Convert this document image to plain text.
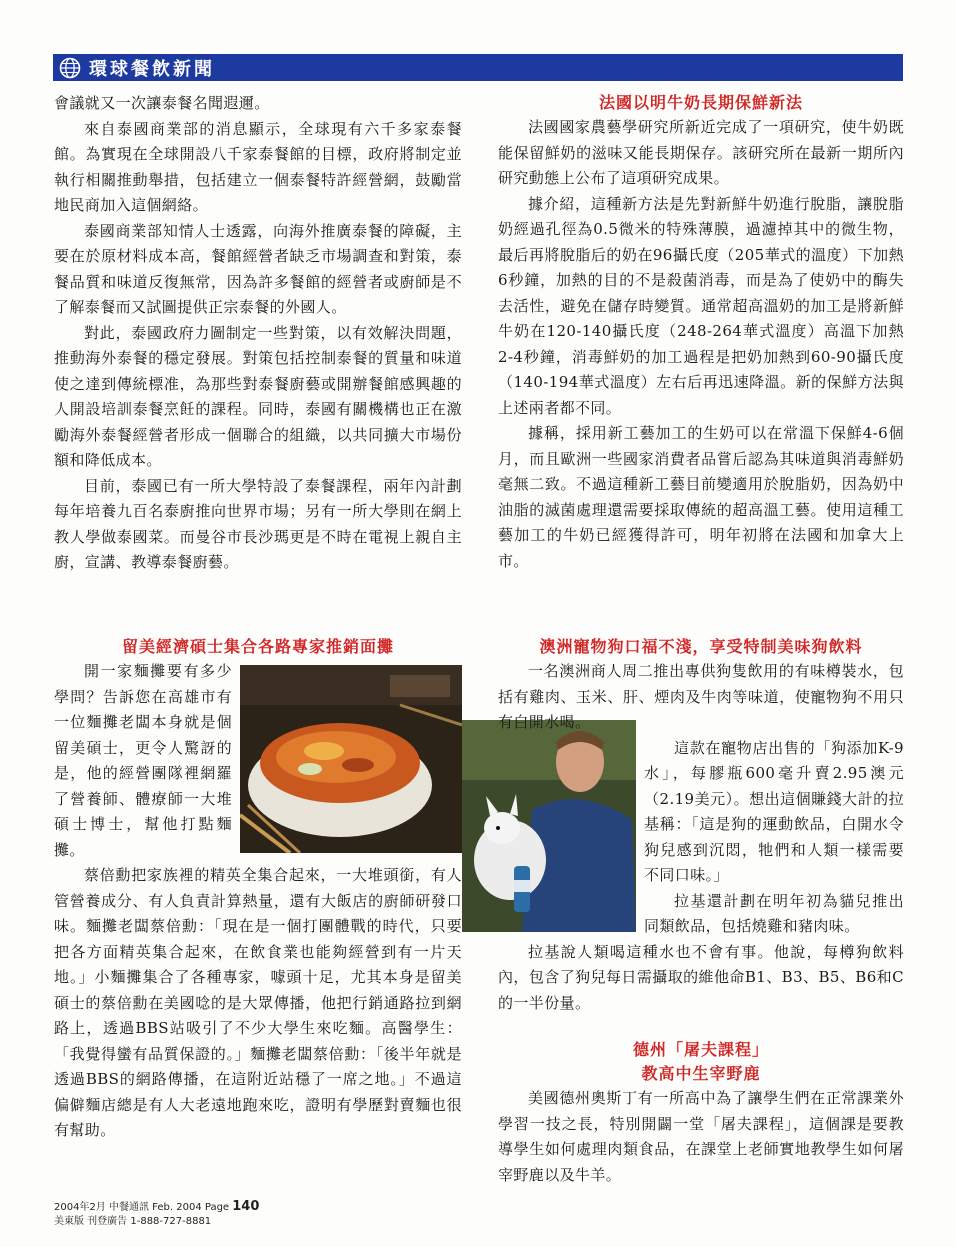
環球餐飲新聞

會議就又一次讓泰餐名聞遐邇。

來自泰國商業部的消息顯示，全球現有六千多家泰餐館。為實現在全球開設八千家泰餐館的目標，政府將制定並執行相關推動舉措，包括建立一個泰餐特許經營網，鼓勵當地民商加入這個網絡。

泰國商業部知情人士透露，向海外推廣泰餐的障礙，主要在於原材料成本高，餐館經營者缺乏市場調查和對策，泰餐品質和味道反復無常，因為許多餐館的經營者或廚師是不了解泰餐而又試圖提供正宗泰餐的外國人。

對此，泰國政府力圖制定一些對策，以有效解決問題，推動海外泰餐的穩定發展。對策包括控制泰餐的質量和味道使之達到傳統標准，為那些對泰餐廚藝或開辦餐館感興趣的人開設培訓泰餐烹飪的課程。同時，泰國有關機構也正在激勵海外泰餐經營者形成一個聯合的組織，以共同擴大市場份額和降低成本。

目前，泰國已有一所大學特設了泰餐課程，兩年內計劃每年培養九百名泰廚推向世界市場；另有一所大學則在網上教人學做泰國菜。而曼谷市長沙瑪更是不時在電視上親自主廚，宣講、教導泰餐廚藝。

法國以明牛奶長期保鮮新法

法國國家農藝學研究所新近完成了一項研究，使牛奶既能保留鮮奶的滋味又能長期保存。該研究所在最新一期所內研究動態上公布了這項研究成果。

據介紹，這種新方法是先對新鮮牛奶進行脫脂，讓脫脂奶經過孔徑為0.5微米的特殊薄膜，過濾掉其中的微生物，最后再將脫脂后的奶在96攝氏度（205華式的溫度）下加熱6秒鐘，加熱的目的不是殺菌消毒，而是為了使奶中的酶失去活性，避免在儲存時變質。通常超高溫奶的加工是將新鮮牛奶在120-140攝氏度（248-264華式溫度）高溫下加熱2-4秒鐘，消毒鮮奶的加工過程是把奶加熱到60-90攝氏度（140-194華式溫度）左右后再迅速降溫。新的保鮮方法與上述兩者都不同。

據稱，採用新工藝加工的生奶可以在常溫下保鮮4-6個月，而且歐洲一些國家消費者品嘗后認為其味道與消毒鮮奶毫無二致。不過這種新工藝目前變適用於脫脂奶，因為奶中油脂的滅菌處理還需要採取傳統的超高溫工藝。使用這種工藝加工的牛奶已經獲得許可，明年初將在法國和加拿大上市。

留美經濟碩士集合各路專家推銷面攤

開一家麵攤要有多少學問？告訴您在高雄市有一位麵攤老闆本身就是個留美碩士，更令人驚訝的是，他的經營團隊裡網羅了營養師、體療師一大堆碩士博士，幫他打點麵攤。

蔡倍勳把家族裡的精英全集合起來，一大堆頭銜，有人管營養成分、有人負責計算熱量，還有大飯店的廚師研發口味。麵攤老闆蔡倍勳：「現在是一個打團體戰的時代，只要把各方面精英集合起來，在飲食業也能夠經營到有一片天地。」小麵攤集合了各種專家，噱頭十足，尤其本身是留美碩士的蔡倍勳在美國唸的是大眾傳播，他把行銷通路拉到網路上，透過BBS站吸引了不少大學生來吃麵。高醫學生：「我覺得蠻有品質保證的。」麵攤老闆蔡倍勳：「後半年就是透過BBS的網路傳播，在這附近站穩了一席之地。」不過這偏僻麵店總是有人大老遠地跑來吃，證明有學歷對賣麵也很有幫助。

澳洲寵物狗口福不淺，享受特制美味狗飲料

一名澳洲商人周二推出專供狗隻飲用的有味樽裝水，包括有雞肉、玉米、肝、煙肉及牛肉等味道，使寵物狗不用只有白開水喝。

這款在寵物店出售的「狗添加K-9水」，每膠瓶600毫升賣2.95澳元（2.19美元）。想出這個賺錢大計的拉基稱：「這是狗的運動飲品，白開水令狗兒感到沉悶，牠們和人類一樣需要不同口味。」

拉基還計劃在明年初為貓兒推出同類飲品，包括燒雞和豬肉味。

拉基說人類喝這種水也不會有事。他說，每樽狗飲料內，包含了狗兒每日需攝取的維他命B1、B3、B5、B6和C的一半份量。

德州「屠夫課程」

教高中生宰野鹿

美國德州奧斯丁有一所高中為了讓學生們在正常課業外學習一技之長，特別開闢一堂「屠夫課程」，這個課是要教導學生如何處理肉類食品，在課堂上老師實地教學生如何屠宰野鹿以及牛羊。

2004年2月 中餐通訊 Feb. 2004 Page 140
美東版 刊登廣告 1-888-727-8881
